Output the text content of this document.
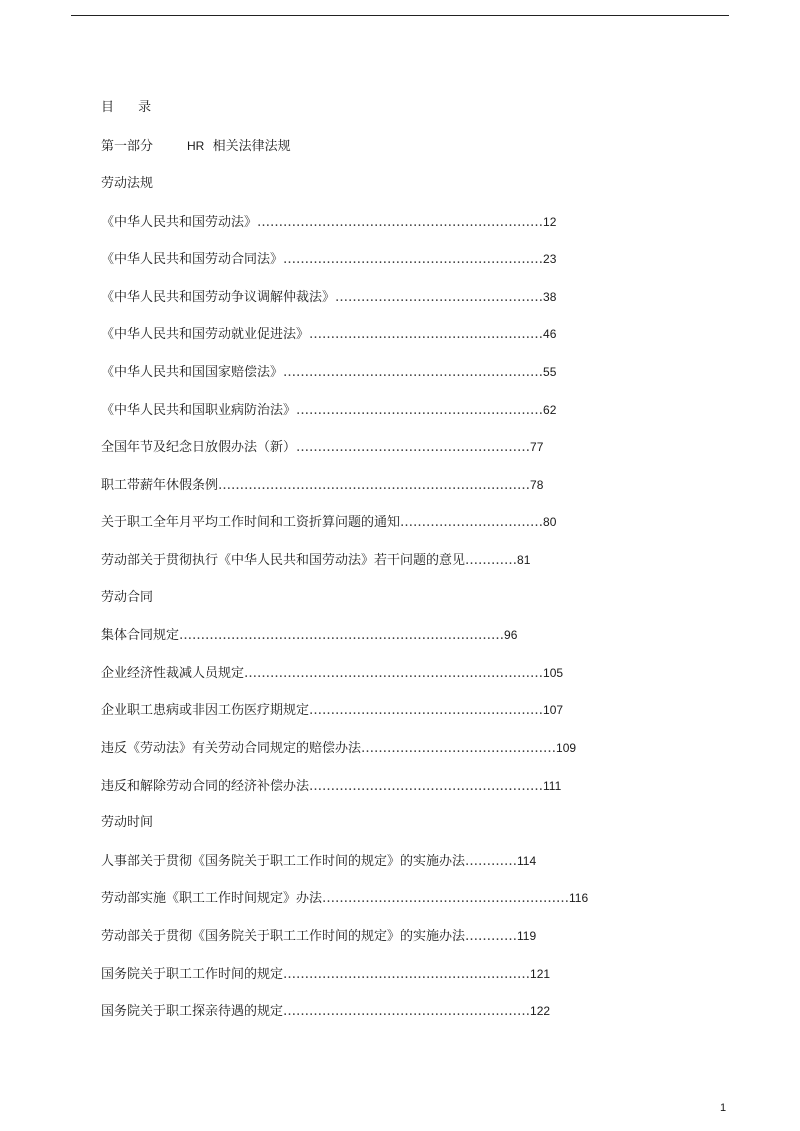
目 录
第一部分	HR 相关法律法规
劳动法规
《中华人民共和国劳动法》…………………………………………………………12
《中华人民共和国劳动合同法》……………………………………………………23
《中华人民共和国劳动争议调解仲裁法》…………………………………………38
《中华人民共和国劳动就业促进法》………………………………………………46
《中华人民共和国国家赔偿法》……………………………………………………55
《中华人民共和国职业病防治法》…………………………………………………62
全国年节及纪念日放假办法（新）………………………………………………77
职工带薪年休假条例………………………………………………………………78
关于职工全年月平均工作时间和工资折算问题的通知……………………………80
劳动部关于贯彻执行《中华人民共和国劳动法》若干问题的意见…………81
劳动合同
集体合同规定…………………………………………………………………96
企业经济性裁减人员规定……………………………………………………………105
企业职工患病或非因工伤医疗期规定………………………………………………107
违反《劳动法》有关劳动合同规定的赔偿办法………………………………………109
违反和解除劳动合同的经济补偿办法………………………………………………111
劳动时间
人事部关于贯彻《国务院关于职工工作时间的规定》的实施办法…………114
劳动部实施《职工工作时间规定》办法…………………………………………………116
劳动部关于贯彻《国务院关于职工工作时间的规定》的实施办法…………119
国务院关于职工工作时间的规定…………………………………………………121
国务院关于职工探亲待遇的规定…………………………………………………122
1
